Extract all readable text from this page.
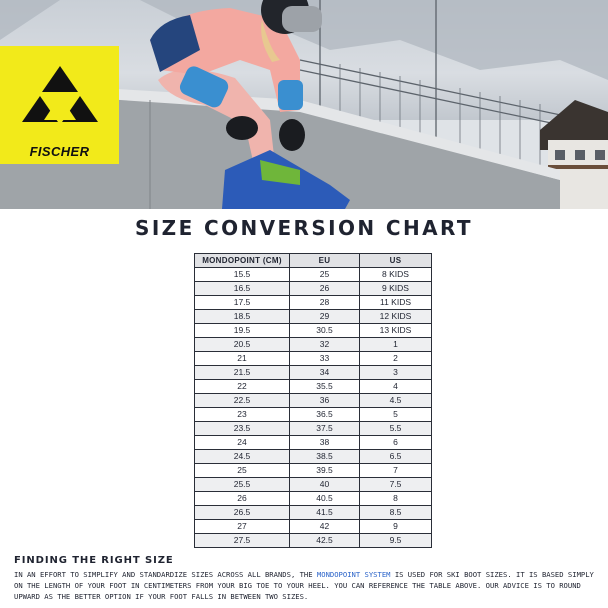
FISCHER
SIZE CONVERSION CHART
MONDOPOINT (CM)	EU	US
15.5	25	8 KIDS
16.5	26	9 KIDS
17.5	28	11 KIDS
18.5	29	12 KIDS
19.5	30.5	13 KIDS
20.5	32	1
21	33	2
21.5	34	3
22	35.5	4
22.5	36	4.5
23	36.5	5
23.5	37.5	5.5
24	38	6
24.5	38.5	6.5
25	39.5	7
25.5	40	7.5
26	40.5	8
26.5	41.5	8.5
27	42	9
27.5	42.5	9.5
FINDING THE RIGHT SIZE
IN AN EFFORT TO SIMPLIFY AND STANDARDIZE SIZES ACROSS ALL BRANDS, THE MONDOPOINT SYSTEM IS USED FOR SKI BOOT SIZES. IT IS BASED SIMPLY ON THE LENGTH OF YOUR FOOT IN CENTIMETERS FROM YOUR BIG TOE TO YOUR HEEL. YOU CAN REFERENCE THE TABLE ABOVE. OUR ADVICE IS TO ROUND UPWARD AS THE BETTER OPTION IF YOUR FOOT FALLS IN BETWEEN TWO SIZES.
